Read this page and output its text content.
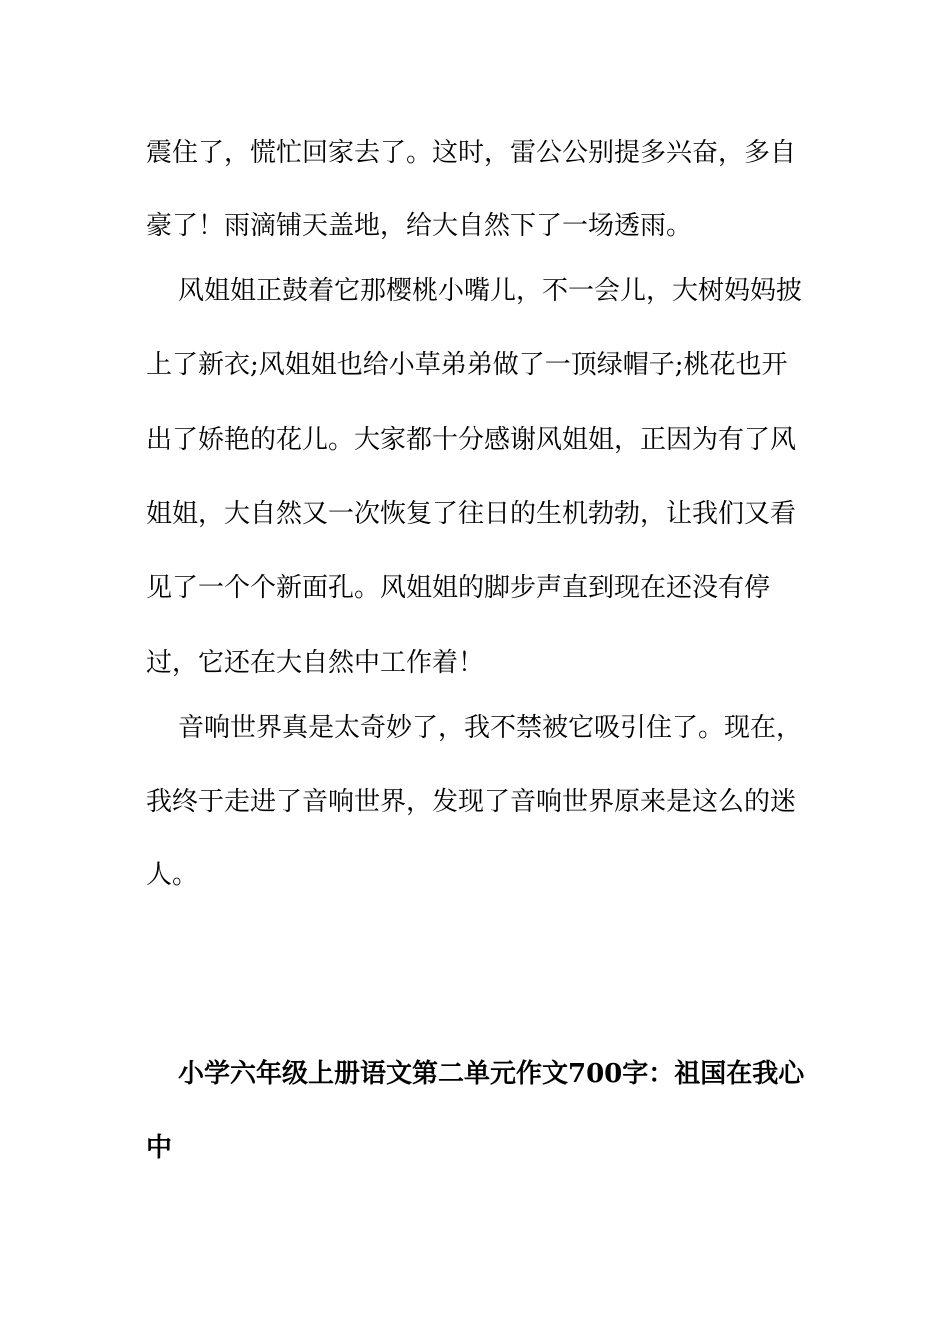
震住了，慌忙回家去了。这时，雷公公别提多兴奋，多自
豪了！雨滴铺天盖地，给大自然下了一场透雨。
风姐姐正鼓着它那樱桃小嘴儿，不一会儿，大树妈妈披
上了新衣;风姐姐也给小草弟弟做了一顶绿帽子;桃花也开
出了娇艳的花儿。大家都十分感谢风姐姐，正因为有了风
姐姐，大自然又一次恢复了往日的生机勃勃，让我们又看
见了一个个新面孔。风姐姐的脚步声直到现在还没有停
过，它还在大自然中工作着！
音响世界真是太奇妙了，我不禁被它吸引住了。现在，
我终于走进了音响世界，发现了音响世界原来是这么的迷
人。
小学六年级上册语文第二单元作文700字：祖国在我心
中
